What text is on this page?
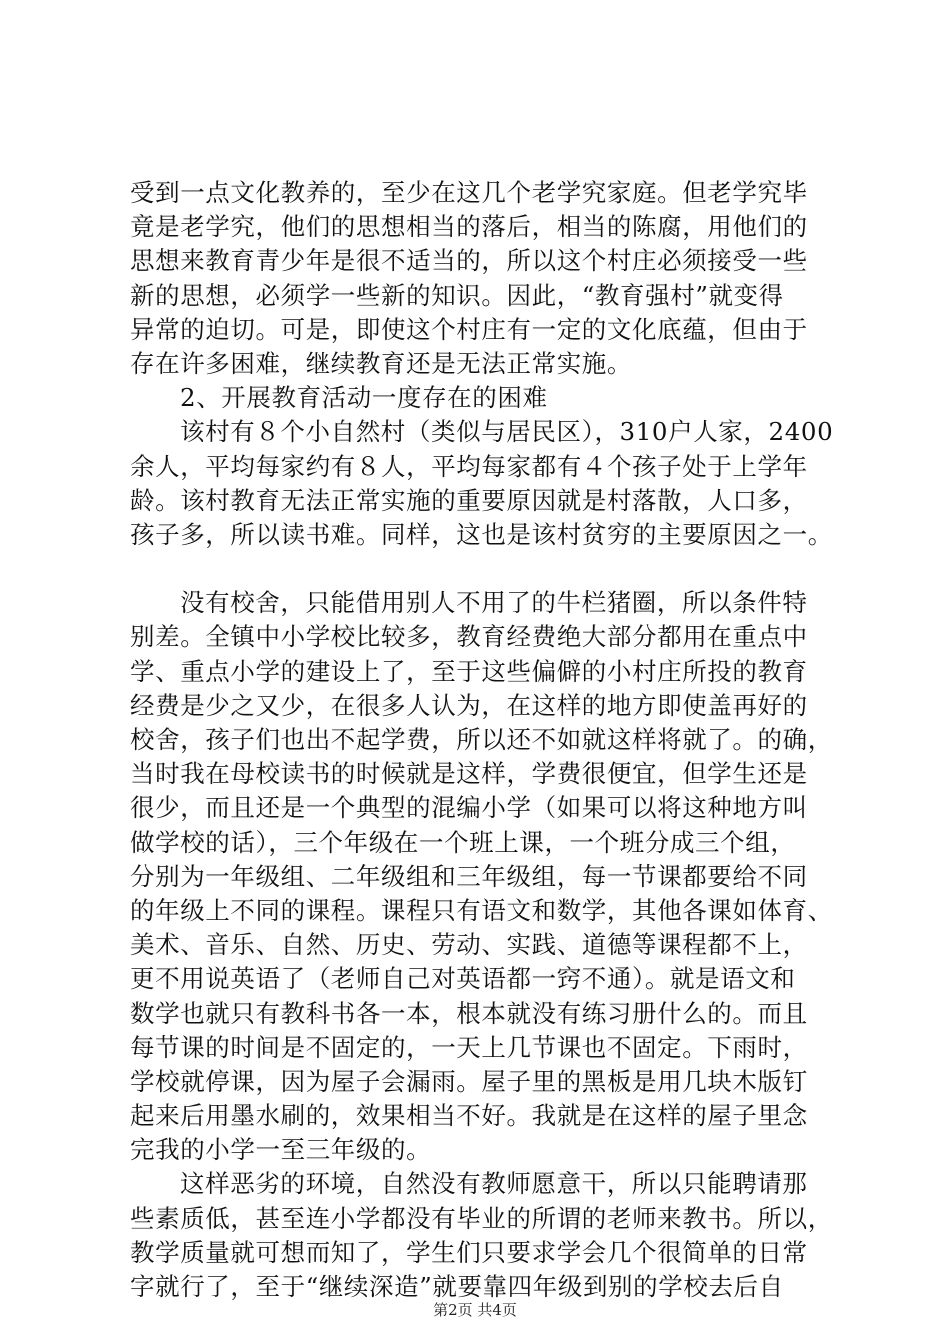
受到一点文化教养的，至少在这几个老学究家庭。但老学究毕
竟是老学究，他们的思想相当的落后，相当的陈腐，用他们的
思想来教育青少年是很不适当的，所以这个村庄必须接受一些
新的思想，必须学一些新的知识。因此，“教育强村”就变得
异常的迫切。可是，即使这个村庄有一定的文化底蕴，但由于
存在许多困难，继续教育还是无法正常实施。
2、开展教育活动一度存在的困难
该村有８个小自然村（类似与居民区），310户人家，2400
余人，平均每家约有８人，平均每家都有４个孩子处于上学年
龄。该村教育无法正常实施的重要原因就是村落散，人口多，
孩子多，所以读书难。同样，这也是该村贫穷的主要原因之一。
没有校舍，只能借用别人不用了的牛栏猪圈，所以条件特
别差。全镇中小学校比较多，教育经费绝大部分都用在重点中
学、重点小学的建设上了，至于这些偏僻的小村庄所投的教育
经费是少之又少，在很多人认为，在这样的地方即使盖再好的
校舍，孩子们也出不起学费，所以还不如就这样将就了。的确，
当时我在母校读书的时候就是这样，学费很便宜，但学生还是
很少，而且还是一个典型的混编小学（如果可以将这种地方叫
做学校的话），三个年级在一个班上课，一个班分成三个组，
分别为一年级组、二年级组和三年级组，每一节课都要给不同
的年级上不同的课程。课程只有语文和数学，其他各课如体育、
美术、音乐、自然、历史、劳动、实践、道德等课程都不上，
更不用说英语了（老师自己对英语都一窍不通）。就是语文和
数学也就只有教科书各一本，根本就没有练习册什么的。而且
每节课的时间是不固定的，一天上几节课也不固定。下雨时，
学校就停课，因为屋子会漏雨。屋子里的黑板是用几块木版钉
起来后用墨水刷的，效果相当不好。我就是在这样的屋子里念
完我的小学一至三年级的。
这样恶劣的环境，自然没有教师愿意干，所以只能聘请那
些素质低，甚至连小学都没有毕业的所谓的老师来教书。所以，
教学质量就可想而知了，学生们只要求学会几个很简单的日常
字就行了，至于“继续深造”就要靠四年级到别的学校去后自
第2页 共4页
